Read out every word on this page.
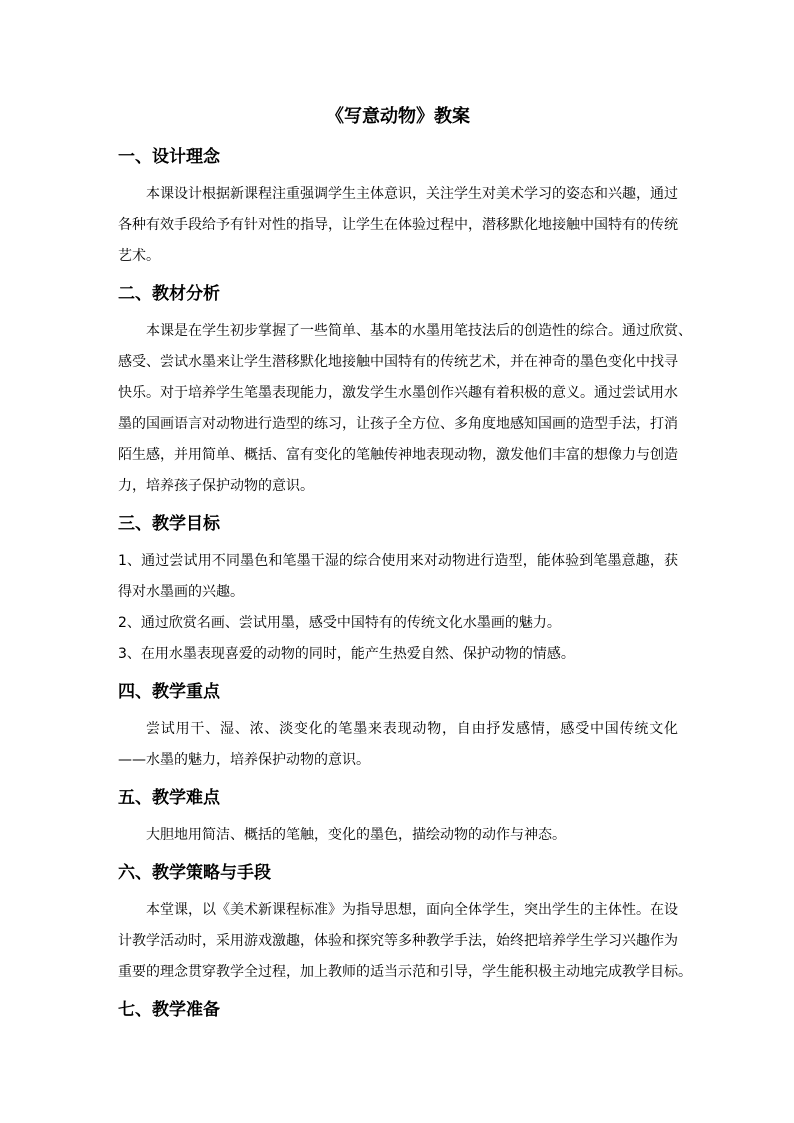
《写意动物》教案
一、设计理念
本课设计根据新课程注重强调学生主体意识，关注学生对美术学习的姿态和兴趣，通过
各种有效手段给予有针对性的指导，让学生在体验过程中，潜移默化地接触中国特有的传统
艺术。
二、教材分析
本课是在学生初步掌握了一些简单、基本的水墨用笔技法后的创造性的综合。通过欣赏、
感受、尝试水墨来让学生潜移默化地接触中国特有的传统艺术，并在神奇的墨色变化中找寻
快乐。对于培养学生笔墨表现能力，激发学生水墨创作兴趣有着积极的意义。通过尝试用水
墨的国画语言对动物进行造型的练习，让孩子全方位、多角度地感知国画的造型手法，打消
陌生感，并用简单、概括、富有变化的笔触传神地表现动物，激发他们丰富的想像力与创造
力，培养孩子保护动物的意识。
三、教学目标
1、通过尝试用不同墨色和笔墨干湿的综合使用来对动物进行造型，能体验到笔墨意趣，获
得对水墨画的兴趣。
2、通过欣赏名画、尝试用墨，感受中国特有的传统文化水墨画的魅力。
3、在用水墨表现喜爱的动物的同时，能产生热爱自然、保护动物的情感。
四、教学重点
尝试用干、湿、浓、淡变化的笔墨来表现动物，自由抒发感情，感受中国传统文化
——水墨的魅力，培养保护动物的意识。
五、教学难点
大胆地用简洁、概括的笔触，变化的墨色，描绘动物的动作与神态。
六、教学策略与手段
本堂课，以《美术新课程标准》为指导思想，面向全体学生，突出学生的主体性。在设
计教学活动时，采用游戏激趣，体验和探究等多种教学手法，始终把培养学生学习兴趣作为
重要的理念贯穿教学全过程，加上教师的适当示范和引导，学生能积极主动地完成教学目标。
七、教学准备
